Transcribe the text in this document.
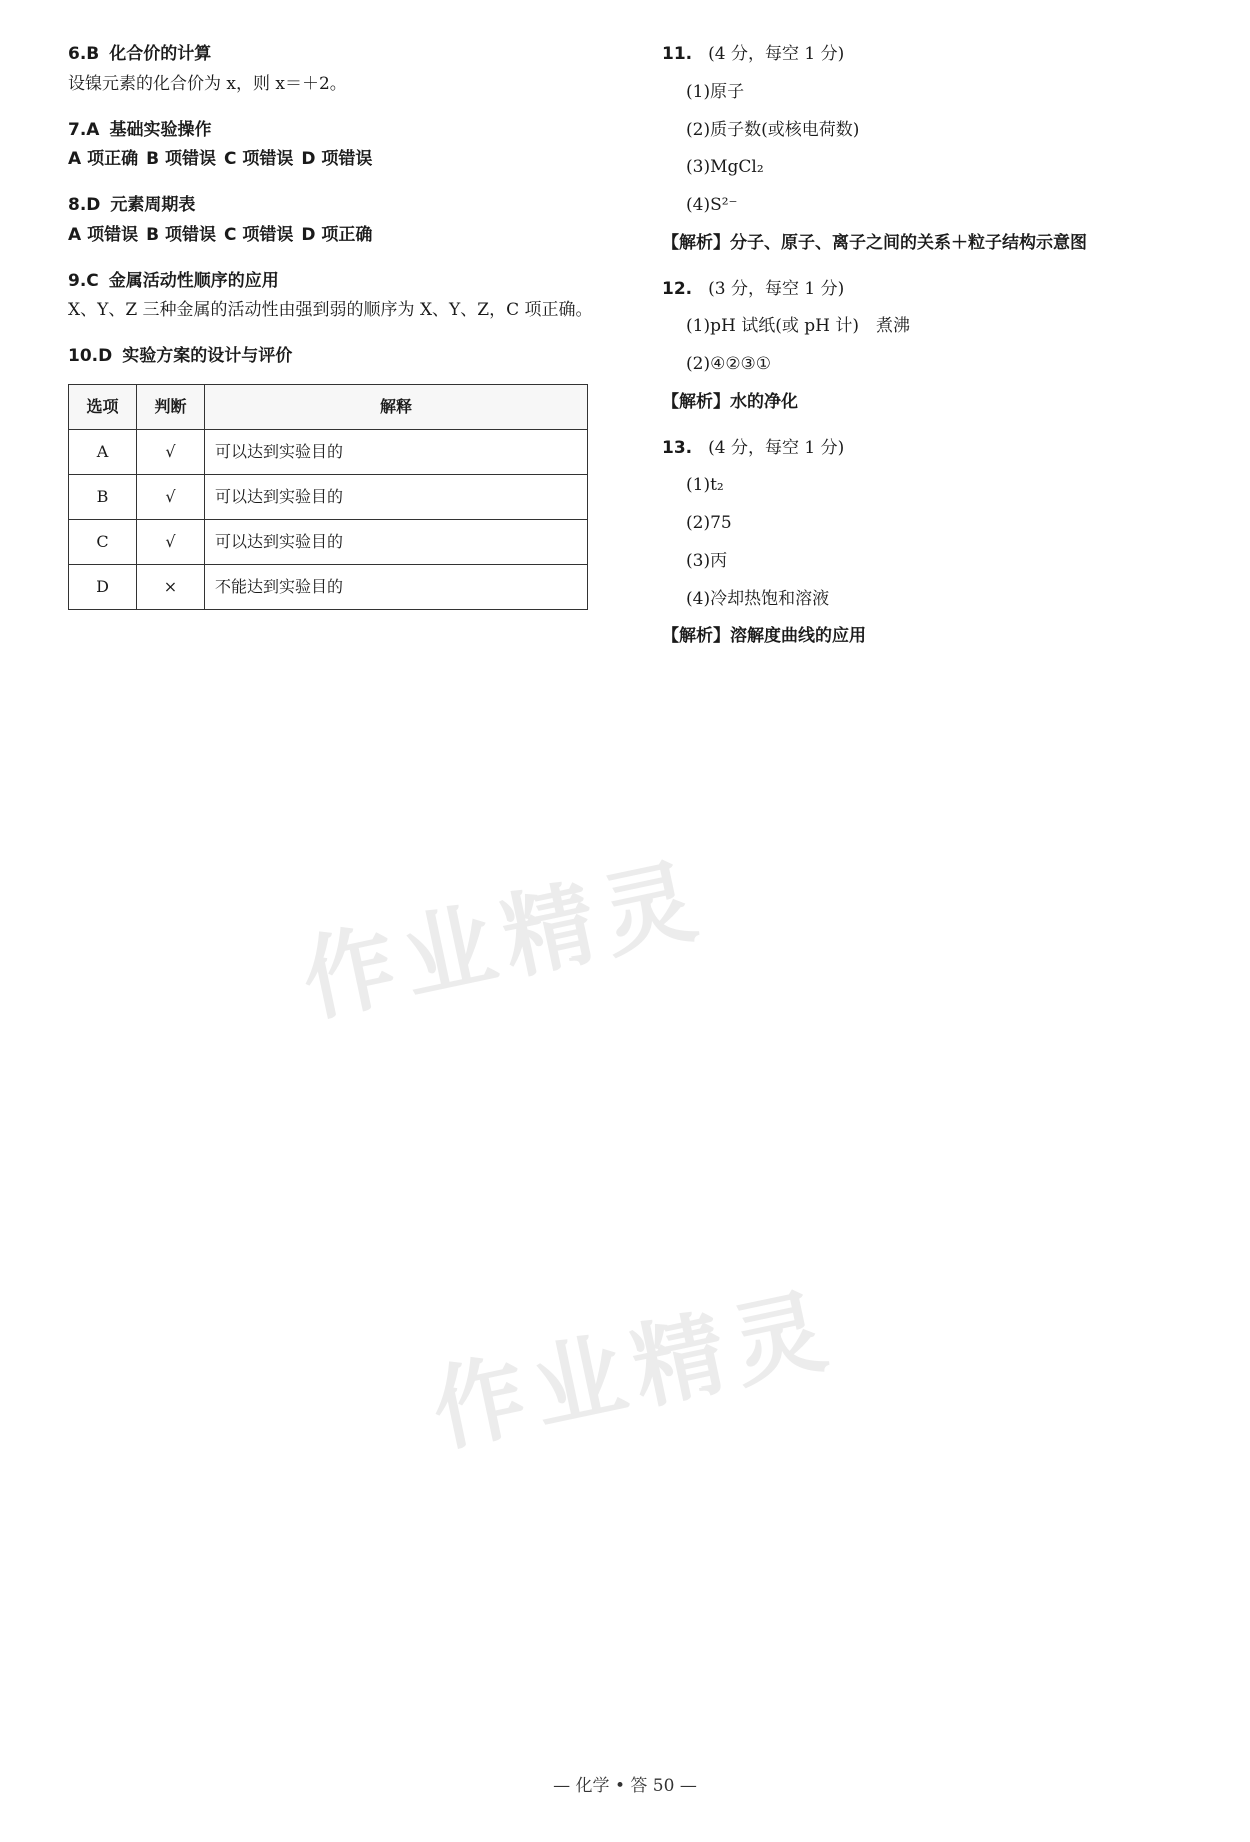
6.B 化合价的计算
设镍元素的化合价为 x，则 x＝＋2。
7.A 基础实验操作
A 项正确 B 项错误 C 项错误 D 项错误
8.D 元素周期表
A 项错误 B 项错误 C 项错误 D 项正确
9.C 金属活动性顺序的应用
X、Y、Z 三种金属的活动性由强到弱的顺序为 X、Y、Z，C 项正确。
10.D 实验方案的设计与评价
选项	判断	解释
A	√	可以达到实验目的
B	√	可以达到实验目的
C	√	可以达到实验目的
D	×	不能达到实验目的
11. (4 分，每空 1 分)
(1)原子
(2)质子数(或核电荷数)
(3)MgCl₂
(4)S²⁻
【解析】分子、原子、离子之间的关系＋粒子结构示意图
12. (3 分，每空 1 分)
(1)pH 试纸(或 pH 计)　煮沸
(2)④②③①
【解析】水的净化
13. (4 分，每空 1 分)
(1)t₂
(2)75
(3)丙
(4)冷却热饱和溶液
【解析】溶解度曲线的应用
作业精灵
作业精灵
— 化学 • 答 50 —
